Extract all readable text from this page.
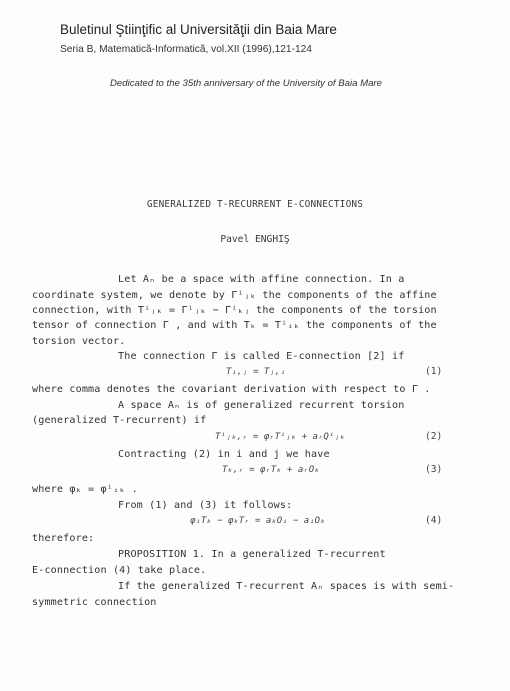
Buletinul Ştiinţific al Universităţii din Baia Mare
Seria B, Matematică-Informatică, vol.XII (1996),121-124
Dedicated to the 35th anniversary of the University of Baia Mare
GENERALIZED T-RECURRENT E-CONNECTIONS
Pavel ENGHIŞ
Let Aₙ be a space with affine connection. In a
coordinate system, we denote by Γⁱⱼₖ the components of the affine
connection, with Tⁱⱼₖ = Γⁱⱼₖ − Γⁱₖⱼ the components of the torsion
tensor of connection Γ , and with Tₖ = Tⁱᵢₖ the components of the
torsion vector.
The connection Γ is called E-connection [2] if
Tᵢ,ⱼ = Tⱼ,ᵢ	(1)
where comma denotes the covariant derivation with respect to Γ .
A space Aₙ is of generalized recurrent torsion
(generalized T-recurrent) if
Tⁱⱼₖ,ᵣ = φᵣTⁱⱼₖ + aᵣQⁱⱼₖ	(2)
Contracting (2) in i and j we have
Tₖ,ᵣ = φᵣTₖ + aᵣOₖ	(3)
where φₖ = φⁱᵢₖ .
From (1) and (3) it follows:
φᵢTₖ − φₖTᵣ = aₖOᵢ − aᵢOₖ	(4)
therefore:
PROPOSITION 1. In a generalized T-recurrent
E-connection (4) take place.
If the generalized T-recurrent Aₙ spaces is with semi-
symmetric connection
